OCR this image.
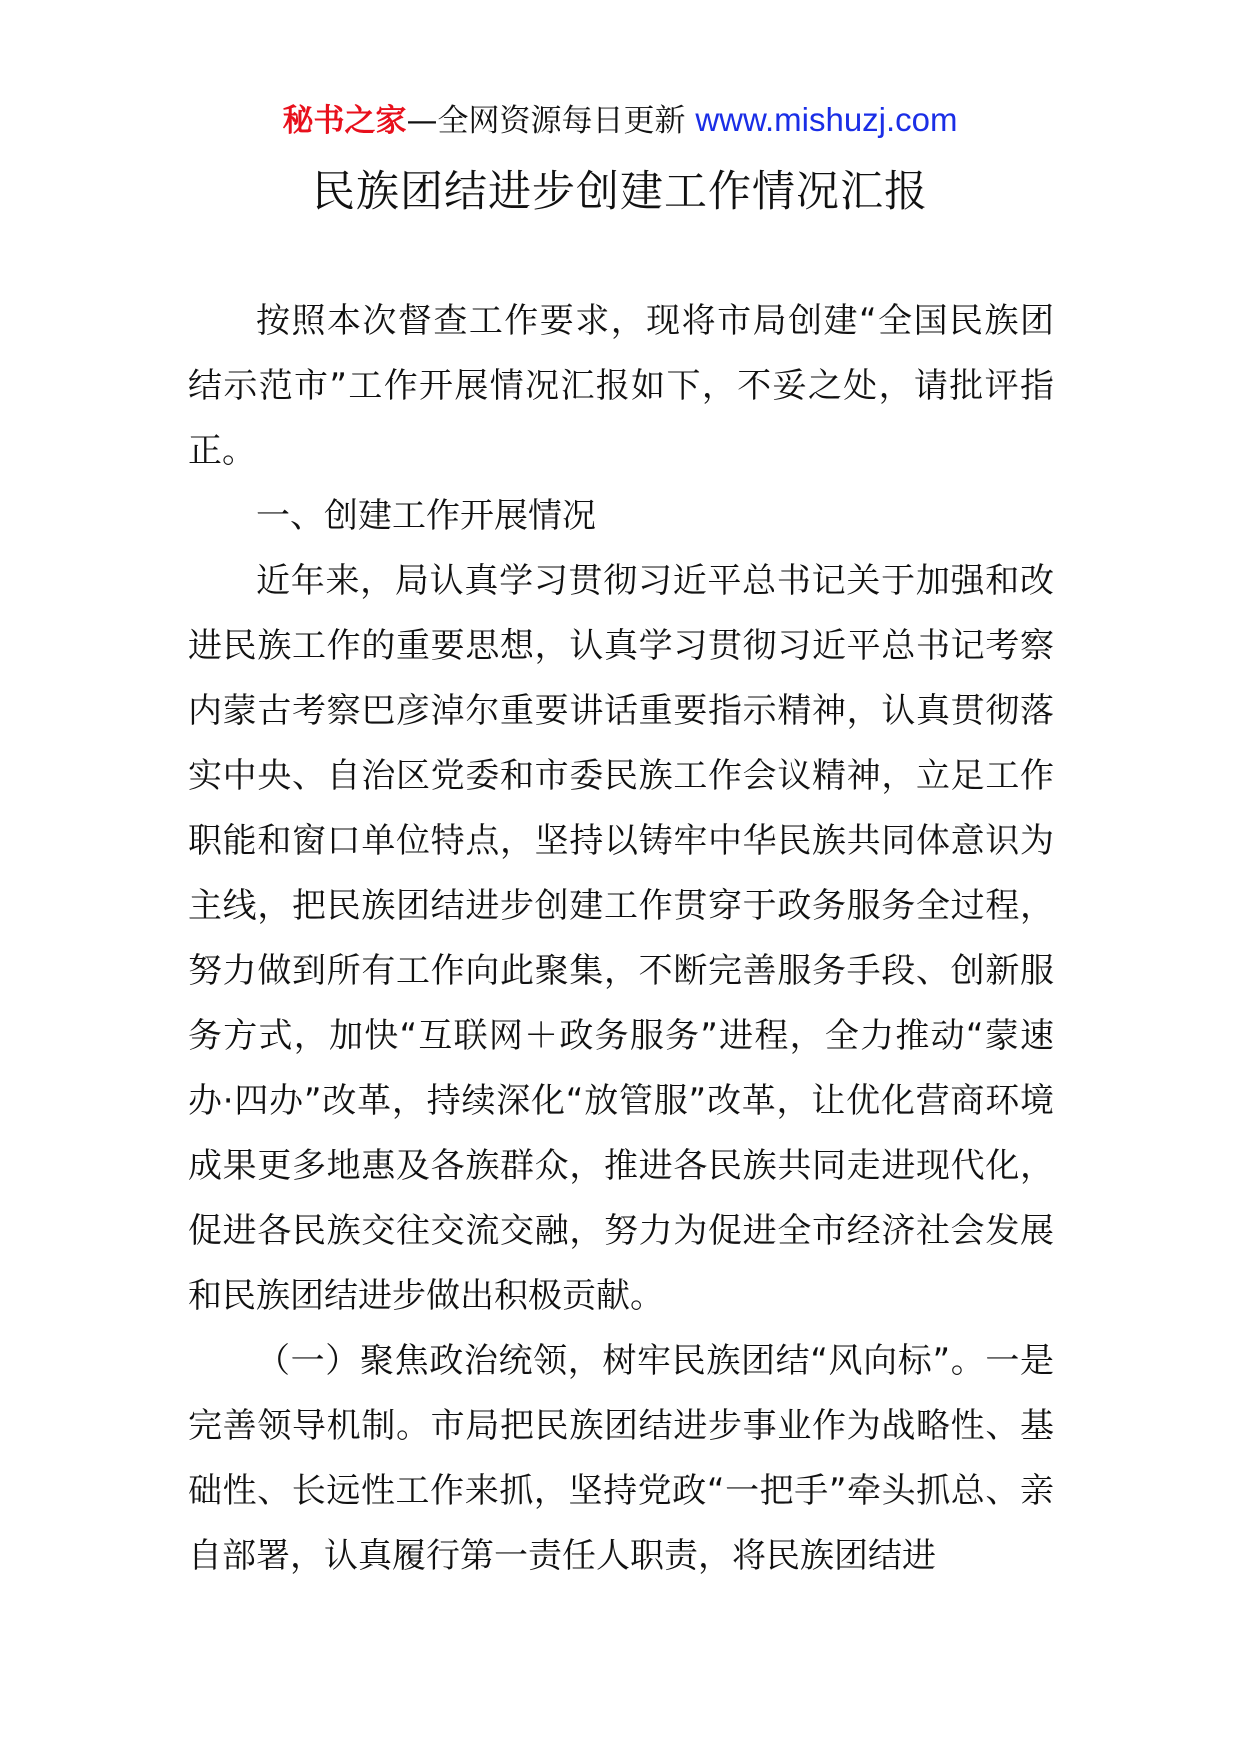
秘书之家—全网资源每日更新 www.mishuzj.com
民族团结进步创建工作情况汇报

按照本次督查工作要求，现将市局创建“全国民族团结示范市”工作开展情况汇报如下，不妥之处，请批评指正。

一、创建工作开展情况

近年来，局认真学习贯彻习近平总书记关于加强和改进民族工作的重要思想，认真学习贯彻习近平总书记考察内蒙古考察巴彦淖尔重要讲话重要指示精神，认真贯彻落实中央、自治区党委和市委民族工作会议精神，立足工作职能和窗口单位特点，坚持以铸牢中华民族共同体意识为主线，把民族团结进步创建工作贯穿于政务服务全过程，努力做到所有工作向此聚集，不断完善服务手段、创新服务方式，加快“互联网＋政务服务”进程，全力推动“蒙速办·四办”改革，持续深化“放管服”改革，让优化营商环境成果更多地惠及各族群众，推进各民族共同走进现代化，促进各民族交往交流交融，努力为促进全市经济社会发展和民族团结进步做出积极贡献。

（一）聚焦政治统领，树牢民族团结“风向标”。一是完善领导机制。市局把民族团结进步事业作为战略性、基础性、长远性工作来抓，坚持党政“一把手”牵头抓总、亲自部署，认真履行第一责任人职责，将民族团结进
